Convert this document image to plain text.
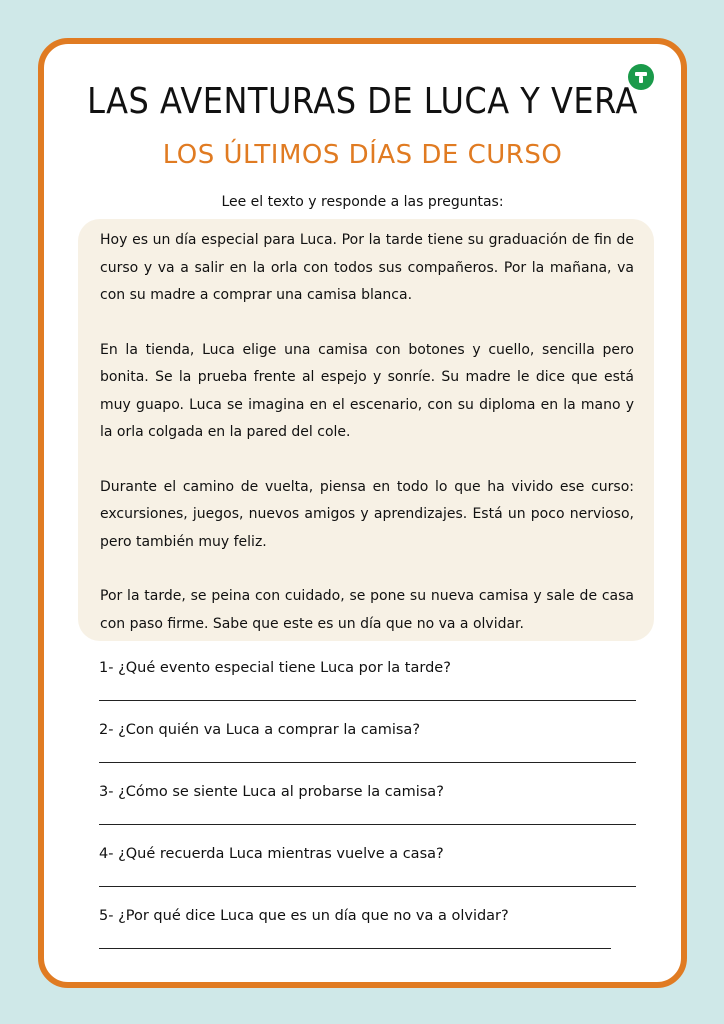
LAS AVENTURAS DE LUCA Y VERA
LOS ÚLTIMOS DÍAS DE CURSO

Lee el texto y responde a las preguntas:

Hoy es un día especial para Luca. Por la tarde tiene su graduación de fin de curso y va a salir en la orla con todos sus compañeros. Por la mañana, va con su madre a comprar una camisa blanca.

En la tienda, Luca elige una camisa con botones y cuello, sencilla pero bonita. Se la prueba frente al espejo y sonríe. Su madre le dice que está muy guapo. Luca se imagina en el escenario, con su diploma en la mano y la orla colgada en la pared del cole.

Durante el camino de vuelta, piensa en todo lo que ha vivido ese curso: excursiones, juegos, nuevos amigos y aprendizajes. Está un poco nervioso, pero también muy feliz.

Por la tarde, se peina con cuidado, se pone su nueva camisa y sale de casa con paso firme. Sabe que este es un día que no va a olvidar.

1- ¿Qué evento especial tiene Luca por la tarde?

2- ¿Con quién va Luca a comprar la camisa?

3- ¿Cómo se siente Luca al probarse la camisa?

4- ¿Qué recuerda Luca mientras vuelve a casa?

5- ¿Por qué dice Luca que es un día que no va a olvidar?
